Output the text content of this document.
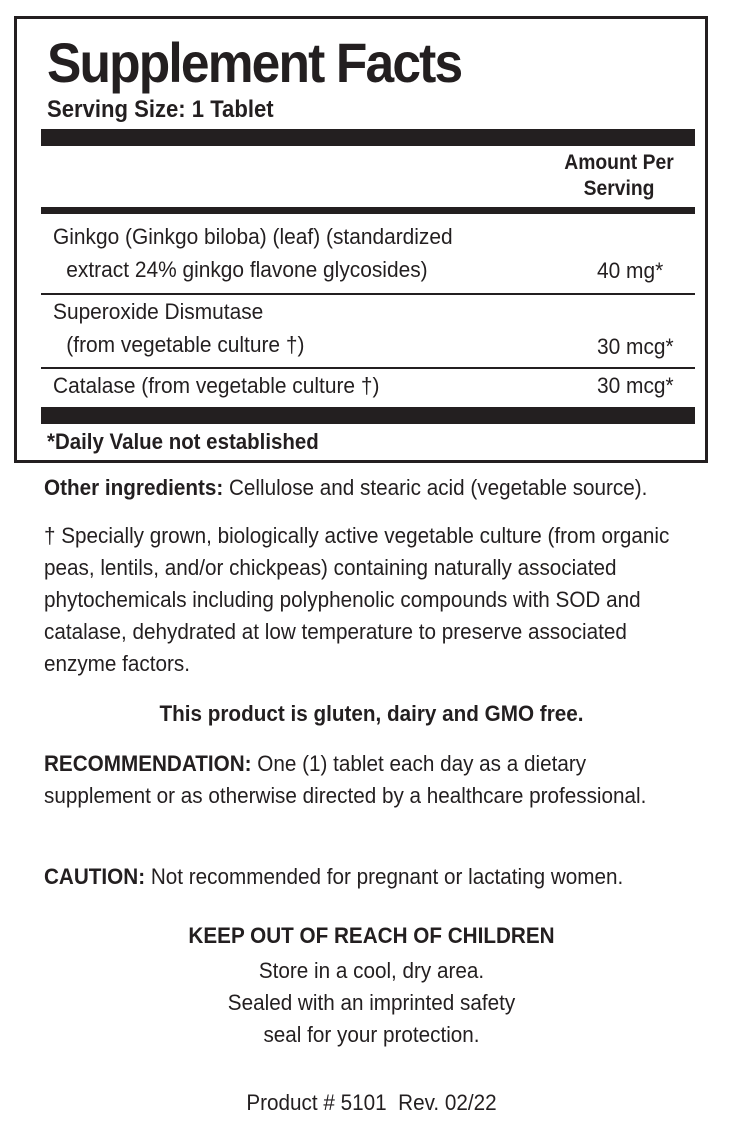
Supplement Facts
Serving Size: 1 Tablet
Amount Per
Serving
Ginkgo (Ginkgo biloba) (leaf) (standardized
extract 24% ginkgo flavone glycosides)	40 mg*
Superoxide Dismutase
(from vegetable culture †)	30 mcg*
Catalase (from vegetable culture †)	30 mcg*
*Daily Value not established
Other ingredients: Cellulose and stearic acid (vegetable source).
† Specially grown, biologically active vegetable culture (from organic peas, lentils, and/or chickpeas) containing naturally associated phytochemicals including polyphenolic compounds with SOD and catalase, dehydrated at low temperature to preserve associated enzyme factors.
This product is gluten, dairy and GMO free.
RECOMMENDATION: One (1) tablet each day as a dietary supplement or as otherwise directed by a healthcare professional.
CAUTION: Not recommended for pregnant or lactating women.
KEEP OUT OF REACH OF CHILDREN
Store in a cool, dry area.
Sealed with an imprinted safety
seal for your protection.
Product # 5101  Rev. 02/22
